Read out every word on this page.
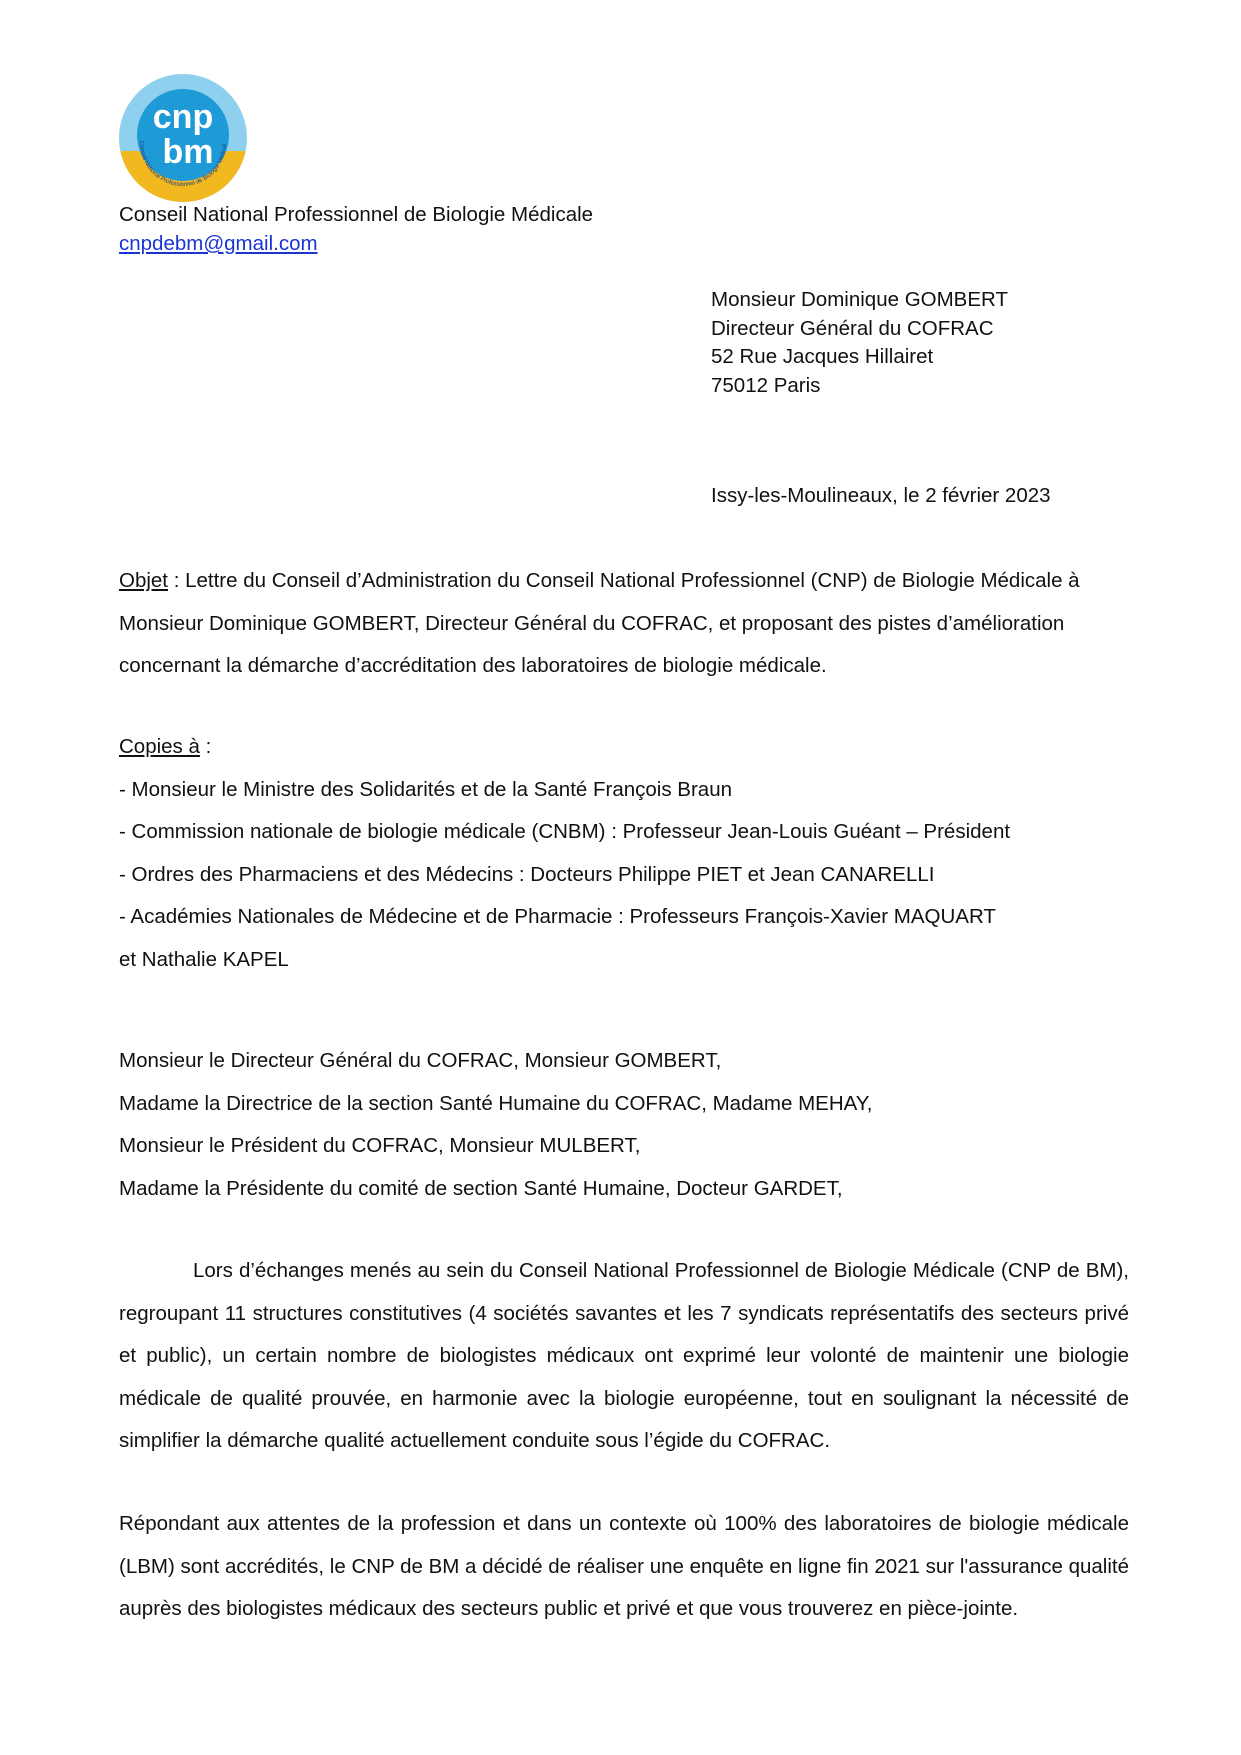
cnp
bm
Conseil National Professionnel de Biologie Médical
Conseil National Professionnel de Biologie Médicale
cnpdebm@gmail.com
Monsieur Dominique GOMBERT
Directeur Général du COFRAC
52 Rue Jacques Hillairet
75012 Paris
Issy-les-Moulineaux, le 2 février 2023
Objet : Lettre du Conseil d’Administration du Conseil National Professionnel (CNP) de Biologie Médicale à Monsieur Dominique GOMBERT, Directeur Général du COFRAC, et proposant des pistes d’amélioration concernant la démarche d’accréditation des laboratoires de biologie médicale.
Copies à :
- Monsieur le Ministre des Solidarités et de la Santé François Braun
- Commission nationale de biologie médicale (CNBM) : Professeur Jean-Louis Guéant – Président
- Ordres des Pharmaciens et des Médecins : Docteurs Philippe PIET et Jean CANARELLI
- Académies Nationales de Médecine et de Pharmacie : Professeurs François-Xavier MAQUART
et Nathalie KAPEL
Monsieur le Directeur Général du COFRAC, Monsieur GOMBERT,
Madame la Directrice de la section Santé Humaine du COFRAC, Madame MEHAY,
Monsieur le Président du COFRAC, Monsieur MULBERT,
Madame la Présidente du comité de section Santé Humaine, Docteur GARDET,
Lors d’échanges menés au sein du Conseil National Professionnel de Biologie Médicale (CNP de BM), regroupant 11 structures constitutives (4 sociétés savantes et les 7 syndicats représentatifs des secteurs privé et public), un certain nombre de biologistes médicaux ont exprimé leur volonté de maintenir une biologie médicale de qualité prouvée, en harmonie avec la biologie européenne, tout en soulignant la nécessité de simplifier la démarche qualité actuellement conduite sous l’égide du COFRAC.
Répondant aux attentes de la profession et dans un contexte où 100% des laboratoires de biologie médicale (LBM) sont accrédités, le CNP de BM a décidé de réaliser une enquête en ligne fin 2021 sur l'assurance qualité auprès des biologistes médicaux des secteurs public et privé et que vous trouverez en pièce-jointe.
